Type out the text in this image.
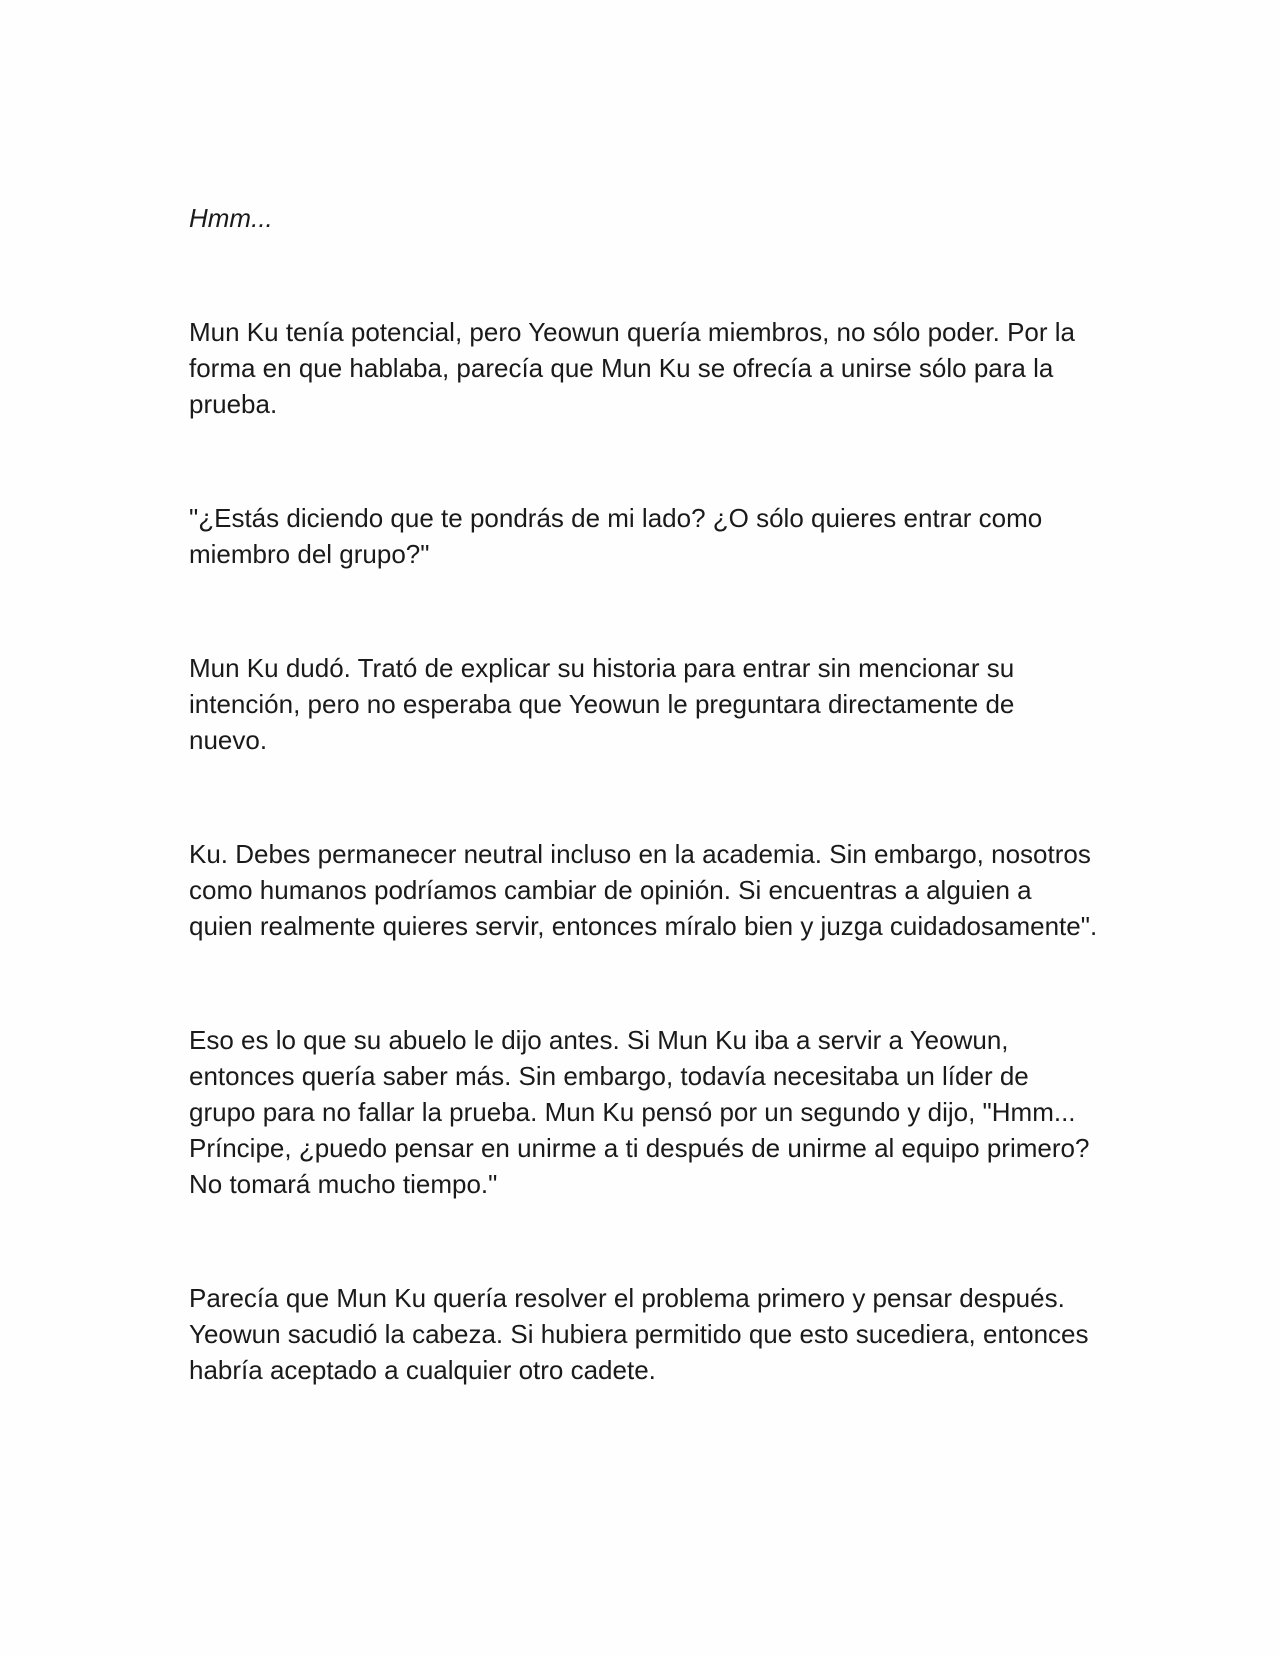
Hmm...

Mun Ku tenía potencial, pero Yeowun quería miembros, no sólo poder. Por la forma en que hablaba, parecía que Mun Ku se ofrecía a unirse sólo para la prueba.

"¿Estás diciendo que te pondrás de mi lado? ¿O sólo quieres entrar como miembro del grupo?"

Mun Ku dudó. Trató de explicar su historia para entrar sin mencionar su intención, pero no esperaba que Yeowun le preguntara directamente de nuevo.

Ku. Debes permanecer neutral incluso en la academia. Sin embargo, nosotros como humanos podríamos cambiar de opinión. Si encuentras a alguien a quien realmente quieres servir, entonces míralo bien y juzga cuidadosamente".

Eso es lo que su abuelo le dijo antes. Si Mun Ku iba a servir a Yeowun, entonces quería saber más. Sin embargo, todavía necesitaba un líder de grupo para no fallar la prueba. Mun Ku pensó por un segundo y dijo, "Hmm... Príncipe, ¿puedo pensar en unirme a ti después de unirme al equipo primero? No tomará mucho tiempo."

Parecía que Mun Ku quería resolver el problema primero y pensar después. Yeowun sacudió la cabeza. Si hubiera permitido que esto sucediera, entonces habría aceptado a cualquier otro cadete.
